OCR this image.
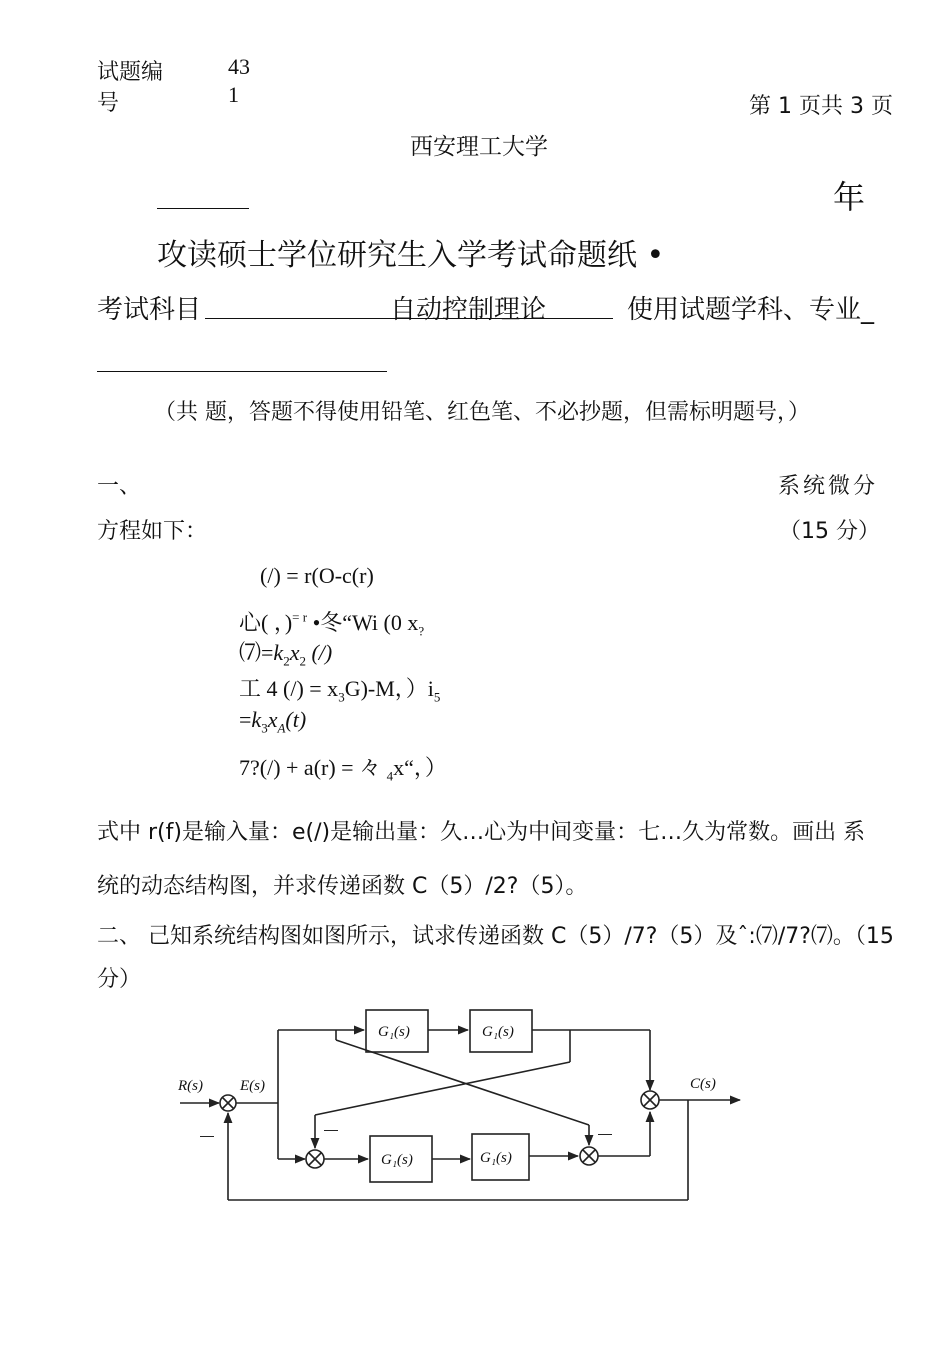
试题编号
43
1	第 1 页共 3 页
西安理工大学
年
攻读硕士学位研究生入学考试命题纸 •
考试科目	自动控制理论	使用试题学科、专业_
（共 题，答题不得使用铅笔、红色笔、不必抄题，但需标明题号，）
一、	系统微分
方程如下：	（15 分）
(/) = r(O-c(r)
心( ，)$^{= r}$ •冬“Wi (0 $x_?$
$⑺=k_2x_2$ (/)
工 4 (/) = $x_3G)-M$，）$i_5$
$=k_3x_A(t)$
7?(/) + a(r) = 々 $_4$x“，）
式中 r(f)是输入量：e(/)是输出量：久…心为中间变量：七…久为常数。画出 系
统的动态结构图，并求传递函数 C（5）/2?（5）。
二、 己知系统结构图如图所示，试求传递函数 C（5）/7?（5）及ˆ:⑺/7?⑺。（15
分）
R(s) E(s)	C(s)
G₁(s)	G₁(s)
G₁(s)	G₁(s)
—	—	—
